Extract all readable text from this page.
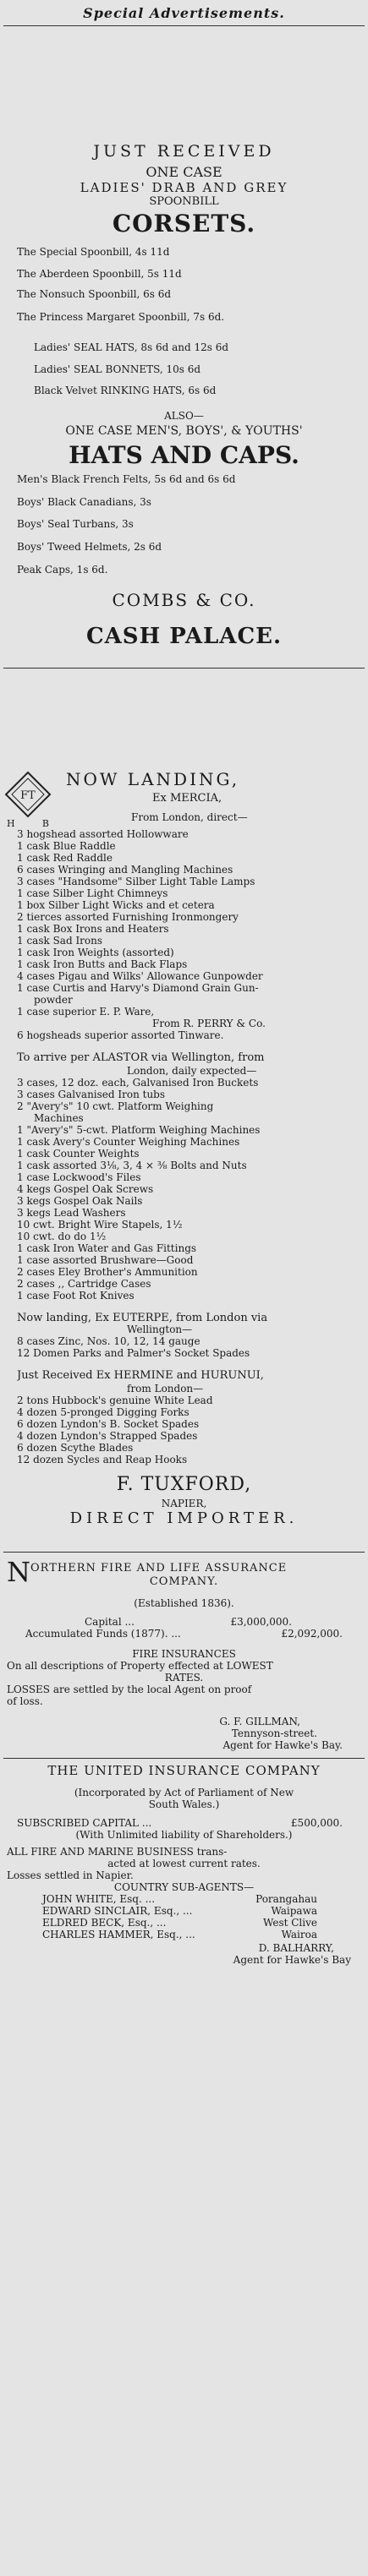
Special Advertisements.
JUST RECEIVED
ONE CASE
LADIES' DRAB AND GREY
SPOONBILL
CORSETS.
The Special Spoonbill, 4s 11d
The Aberdeen Spoonbill, 5s 11d
The Nonsuch Spoonbill, 6s 6d
The Princess Margaret Spoonbill, 7s 6d.
Ladies' SEAL HATS, 8s 6d and 12s 6d
Ladies' SEAL BONNETS, 10s 6d
Black Velvet RINKING HATS, 6s 6d
ALSO—
ONE CASE MEN'S, BOYS', & YOUTHS'
HATS AND CAPS.
Men's Black French Felts, 5s 6d and 6s 6d
Boys' Black Canadians, 3s
Boys' Seal Turbans, 3s
Boys' Tweed Helmets, 2s 6d
Peak Caps, 1s 6d.
COMBS & CO.
CASH PALACE.
FT
H	B
NOW LANDING,
Ex MERCIA,
From London, direct—
3 hogshead assorted Hollowware
1 cask Blue Raddle
1 cask Red Raddle
6 cases Wringing and Mangling Machines
3 cases "Handsome" Silber Light Table Lamps
1 case Silber Light Chimneys
1 box Silber Light Wicks and et cetera
2 tierces assorted Furnishing Ironmongery
1 cask Box Irons and Heaters
1 cask Sad Irons
1 cask Iron Weights (assorted)
1 cask Iron Butts and Back Flaps
4 cases Pigau and Wilks' Allowance Gunpowder
1 case Curtis and Harvy's Diamond Grain Gun-
powder
1 case superior E. P. Ware,
From R. PERRY & Co.
6 hogsheads superior assorted Tinware.
To arrive per ALASTOR via Wellington, from
London, daily expected—
3 cases, 12 doz. each, Galvanised Iron Buckets
3 cases Galvanised Iron tubs
2 "Avery's" 10 cwt. Platform Weighing
Machines
1 "Avery's" 5-cwt. Platform Weighing Machines
1 cask Avery's Counter Weighing Machines
1 cask Counter Weights
1 cask assorted 3⅛, 3, 4 × ⅜ Bolts and Nuts
1 case Lockwood's Files
4 kegs Gospel Oak Screws
3 kegs Gospel Oak Nails
3 kegs Lead Washers
10 cwt. Bright Wire Stapels, 1½
10 cwt. do do 1½
1 cask Iron Water and Gas Fittings
1 case assorted Brushware—Good
2 cases Eley Brother's Ammunition
2 cases ,, Cartridge Cases
1 case Foot Rot Knives
Now landing, Ex EUTERPE, from London via
Wellington—
8 cases Zinc, Nos. 10, 12, 14 gauge
12 Domen Parks and Palmer's Socket Spades
Just Received Ex HERMINE and HURUNUI,
from London—
2 tons Hubbock's genuine White Lead
4 dozen 5-pronged Digging Forks
6 dozen Lyndon's B. Socket Spades
4 dozen Lyndon's Strapped Spades
6 dozen Scythe Blades
12 dozen Sycles and Reap Hooks
F. TUXFORD,
NAPIER,
DIRECT IMPORTER.
N ORTHERN FIRE AND LIFE ASSURANCE
COMPANY.
(Established 1836).
Capital ...	£3,000,000.
Accumulated Funds (1877). ...	£2,092,000.
FIRE INSURANCES
On all descriptions of Property effected at LOWEST
RATES.
LOSSES are settled by the local Agent on proof
of loss.
G. F. GILLMAN,
Tennyson-street.
Agent for Hawke's Bay.
THE UNITED INSURANCE COMPANY
(Incorporated by Act of Parliament of New
South Wales.)
SUBSCRIBED CAPITAL ...	£500,000.
(With Unlimited liability of Shareholders.)
ALL FIRE AND MARINE BUSINESS trans-
acted at lowest current rates.
Losses settled in Napier.
COUNTRY SUB-AGENTS—
JOHN WHITE, Esq. ...	Porangahau
EDWARD SINCLAIR, Esq., ...	Waipawa
ELDRED BECK, Esq., ...	West Clive
CHARLES HAMMER, Esq., ...	Wairoa
D. BALHARRY,
Agent for Hawke's Bay
